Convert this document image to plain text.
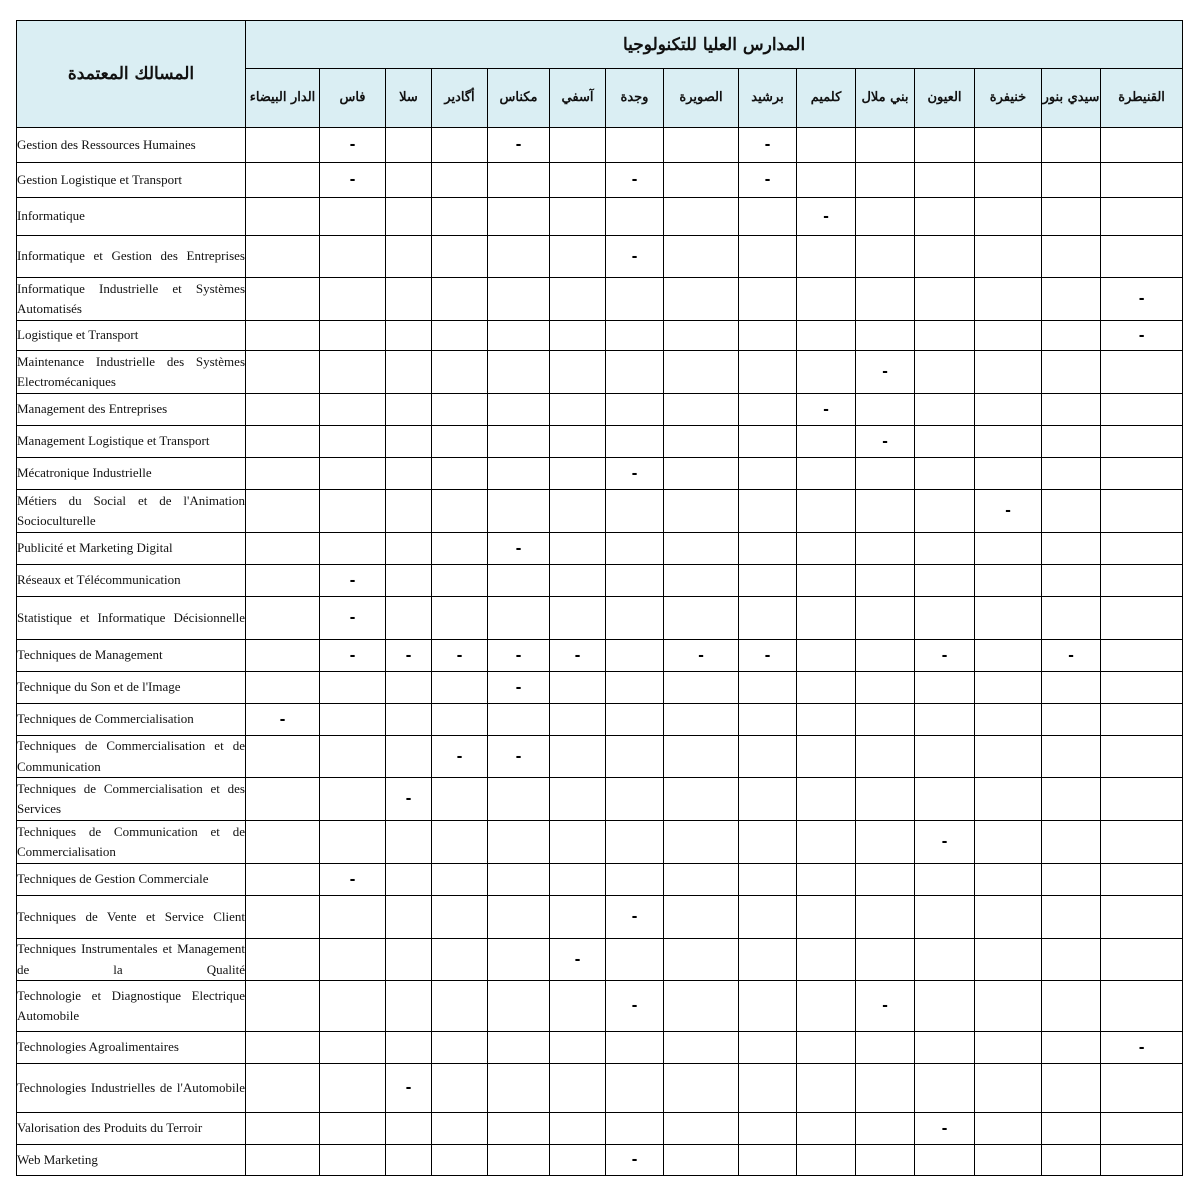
المسالك المعتمدة	المدارس العليا للتكنولوجيا														
	الدار البيضاء	فاس	سلا	أگادير	مكناس	آسفي	وجدة	الصويرة	برشيد	كلميم	بني ملال	العيون	خنيفرة	سيدي بنور	القنيطرة
Gestion des Ressources Humaines		-			-				-						
Gestion Logistique et Transport		-					-		-						
Informatique										-					
Informatique et Gestion des Entreprises							-								
Informatique Industrielle et Systèmes Automatisés															-
Logistique et Transport															-
Maintenance Industrielle des Systèmes Electromécaniques											-				
Management des Entreprises										-					
Management Logistique et Transport											-				
Mécatronique Industrielle							-								
Métiers du Social et de l'Animation Socioculturelle													-		
Publicité et Marketing Digital					-										
Réseaux et Télécommunication		-													
Statistique et Informatique Décisionnelle		-													
Techniques de Management		-	-	-	-	-		-	-			-		-	
Technique du Son et de l'Image					-										
Techniques de Commercialisation	-														
Techniques de Commercialisation et de Communication				-	-										
Techniques de Commercialisation et des Services			-												
Techniques de Communication et de Commercialisation												-			
Techniques de Gestion Commerciale		-													
Techniques de Vente et Service Client							-								
Techniques Instrumentales et Management de la Qualité						-									
Technologie et Diagnostique Electrique Automobile							-				-				
Technologies Agroalimentaires															-
Technologies Industrielles de l'Automobile			-												
Valorisation des Produits du Terroir												-			
Web Marketing							-								
